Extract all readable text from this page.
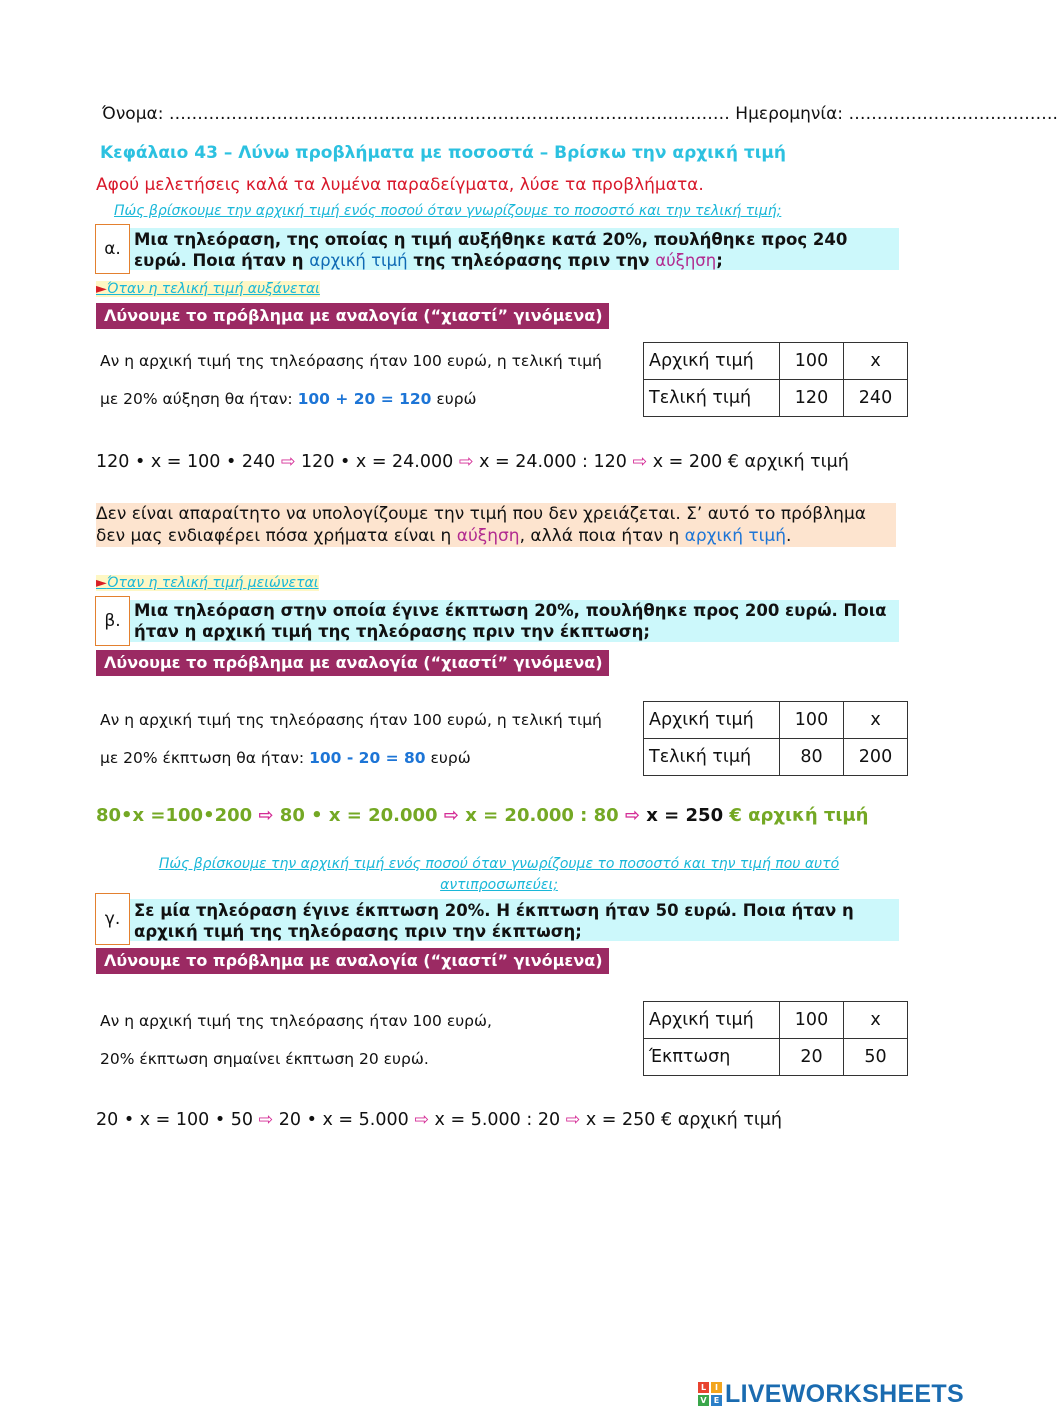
Όνομα: ……………………………………………………………………………………… Ημερομηνία: ……………………………….
Κεφάλαιο 43 – Λύνω προβλήματα με ποσοστά – Βρίσκω την αρχική τιμή
Αφού μελετήσεις καλά τα λυμένα παραδείγματα, λύσε τα προβλήματα.
Πώς βρίσκουμε την αρχική τιμή ενός ποσού όταν γνωρίζουμε το ποσοστό και την τελική τιμή;
α. Μια τηλεόραση, της οποίας η τιμή αυξήθηκε κατά 20%, πουλήθηκε προς 240 ευρώ. Ποια ήταν η αρχική τιμή της τηλεόρασης πριν την αύξηση;
►Όταν η τελική τιμή αυξάνεται
Λύνουμε το πρόβλημα με αναλογία (“χιαστί” γινόμενα)
Αν η αρχική τιμή της τηλεόρασης ήταν 100 ευρώ, η τελική τιμή
με 20% αύξηση θα ήταν: 100 + 20 = 120 ευρώ
Αρχική τιμή	100	x
Τελική τιμή	120	240
120 • x = 100 • 240 ⇨ 120 • x = 24.000 ⇨ x = 24.000 : 120 ⇨ x = 200 € αρχική τιμή
Δεν είναι απαραίτητο να υπολογίζουμε την τιμή που δεν χρειάζεται. Σ’ αυτό το πρόβλημα δεν μας ενδιαφέρει πόσα χρήματα είναι η αύξηση, αλλά ποια ήταν η αρχική τιμή.
►Όταν η τελική τιμή μειώνεται
β.
Μια τηλεόραση στην οποία έγινε έκπτωση 20%, πουλήθηκε προς 200 ευρώ. Ποια ήταν η αρχική τιμή της τηλεόρασης πριν την έκπτωση;
Λύνουμε το πρόβλημα με αναλογία (“χιαστί” γινόμενα)
Αν η αρχική τιμή της τηλεόρασης ήταν 100 ευρώ, η τελική τιμή
με 20% έκπτωση θα ήταν: 100 - 20 = 80 ευρώ
Αρχική τιμή	100	x
Τελική τιμή	80	200
80•x =100•200 ⇨ 80 • x = 20.000 ⇨ x = 20.000 : 80 ⇨ x = 250 € αρχική τιμή
Πώς βρίσκουμε την αρχική τιμή ενός ποσού όταν γνωρίζουμε το ποσοστό και την τιμή που αυτό αντιπροσωπεύει;
γ. Σε μία τηλεόραση έγινε έκπτωση 20%. Η έκπτωση ήταν 50 ευρώ. Ποια ήταν η αρχική τιμή της τηλεόρασης πριν την έκπτωση;
Λύνουμε το πρόβλημα με αναλογία (“χιαστί” γινόμενα)
Αν η αρχική τιμή της τηλεόρασης ήταν 100 ευρώ,
20% έκπτωση σημαίνει έκπτωση 20 ευρώ.
Αρχική τιμή	100	x
Έκπτωση	20	50
20 • x = 100 • 50 ⇨ 20 • x = 5.000 ⇨ x = 5.000 : 20 ⇨ x = 250 € αρχική τιμή
L	I
V E LIVEWORKSHEETS
